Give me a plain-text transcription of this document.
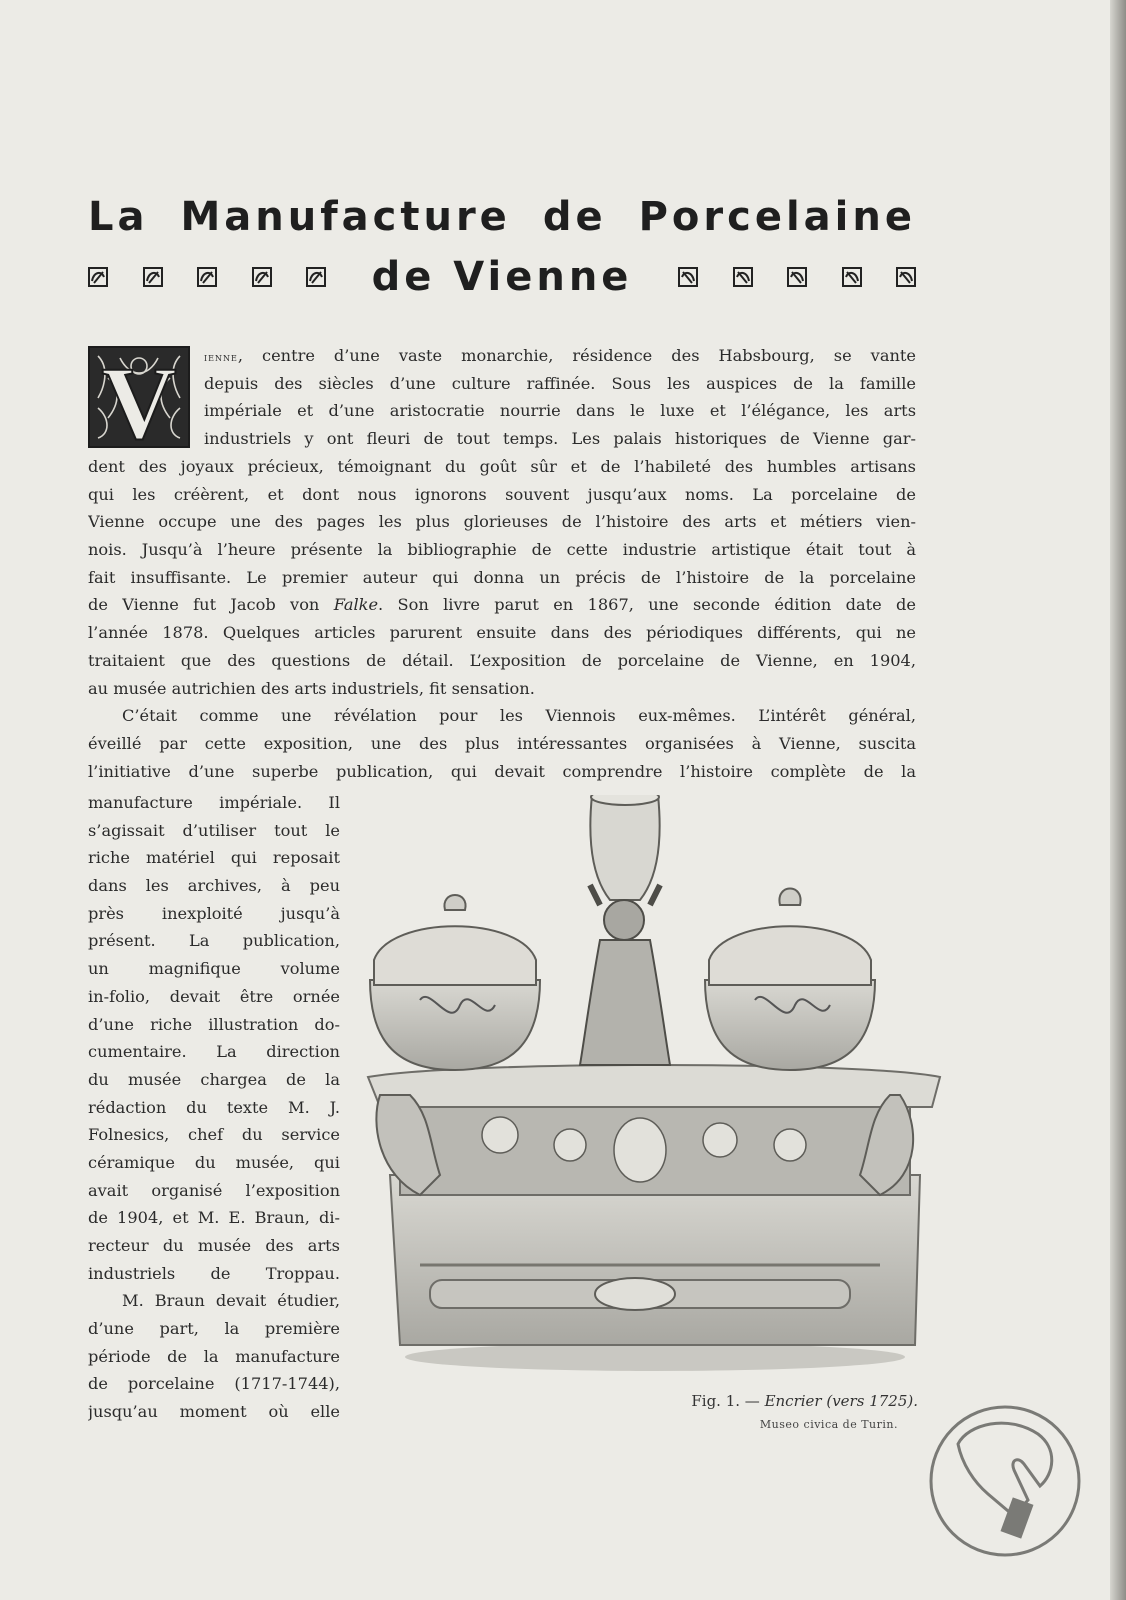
La Manufacture de Porcelaine
de Vienne
V ienne, centre d’une vaste monarchie, résidence des Habsbourg, se vante
depuis des siècles d’une culture raffinée. Sous les auspices de la famille
impériale et d’une aristocratie nourrie dans le luxe et l’élégance, les arts
industriels y ont fleuri de tout temps. Les palais historiques de Vienne gar-
dent des joyaux précieux, témoignant du goût sûr et de l’habileté des humbles artisans
qui les créèrent, et dont nous ignorons souvent jusqu’aux noms. La porcelaine de
Vienne occupe une des pages les plus glorieuses de l’histoire des arts et métiers vien-
nois. Jusqu’à l’heure présente la bibliographie de cette industrie artistique était tout à
fait insuffisante. Le premier auteur qui donna un précis de l’histoire de la porcelaine
de Vienne fut Jacob von Falke. Son livre parut en 1867, une seconde édition date de
l’année 1878. Quelques articles parurent ensuite dans des périodiques différents, qui ne
traitaient que des questions de détail. L’exposition de porcelaine de Vienne, en 1904,
au musée autrichien des arts industriels, fit sensation.
C’était comme une révélation pour les Viennois eux-mêmes. L’intérêt général,
éveillé par cette exposition, une des plus intéressantes organisées à Vienne, suscita
l’initiative d’une superbe publication, qui devait comprendre l’histoire complète de la
manufacture impériale. Il
s’agissait d’utiliser tout le
riche matériel qui reposait
dans les archives, à peu
près inexploité jusqu’à
présent. La publication,
un magnifique volume
in-folio, devait être ornée
d’une riche illustration do-
cumentaire. La direction
du musée chargea de la
rédaction du texte M. J.
Folnesics, chef du service
céramique du musée, qui
avait organisé l’exposition
de 1904, et M. E. Braun, di-
recteur du musée des arts
industriels de Troppau.
M. Braun devait étudier,
d’une part, la première
période de la manufacture
de porcelaine (1717-1744),
jusqu’au moment où elle
Fig. 1. — Encrier (vers 1725).
Museo civica de Turin.
